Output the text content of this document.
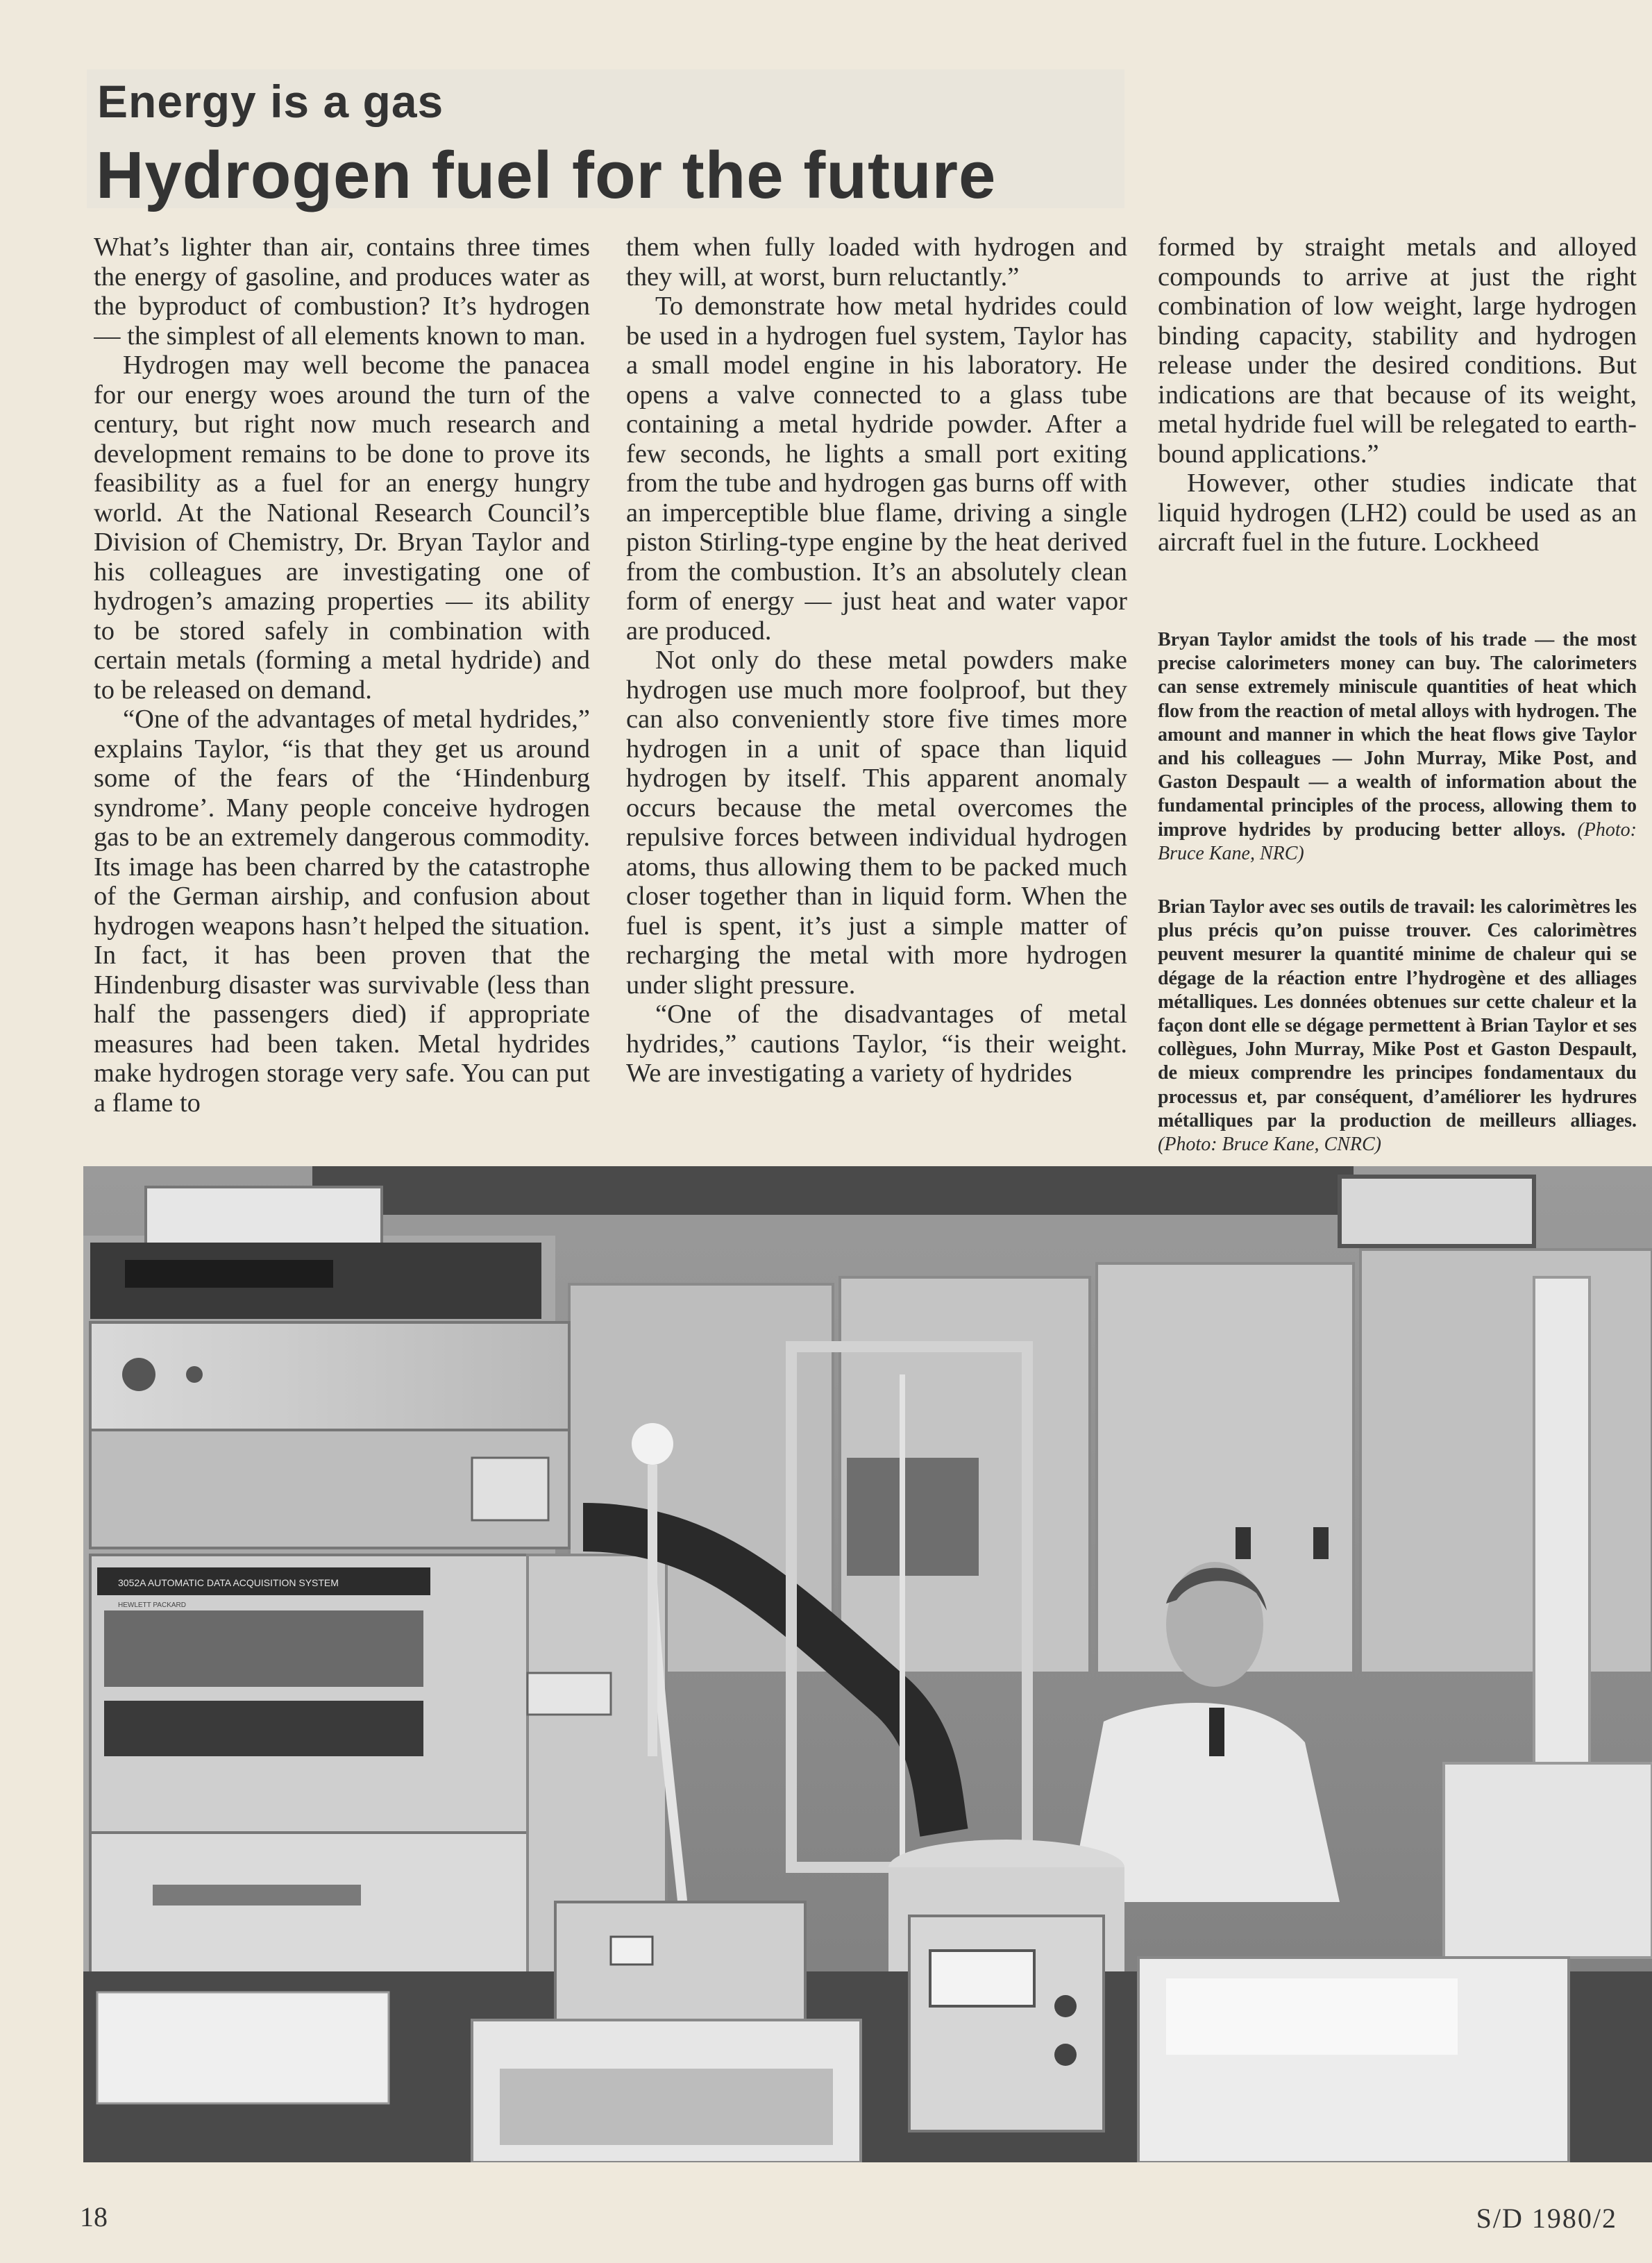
Energy is a gas
Hydrogen fuel for the future

What’s lighter than air, contains three times the energy of gasoline, and produces water as the byproduct of combustion? It’s hydrogen — the simplest of all elements known to man.

Hydrogen may well become the panacea for our energy woes around the turn of the century, but right now much research and development remains to be done to prove its feasibility as a fuel for an energy hungry world. At the National Research Council’s Division of Chemistry, Dr. Bryan Taylor and his colleagues are investigating one of hydrogen’s amazing properties — its ability to be stored safely in combination with certain metals (forming a metal hydride) and to be released on demand.

“One of the advantages of metal hydrides,” explains Taylor, “is that they get us around some of the fears of the ‘Hindenburg syndrome’. Many people conceive hydrogen gas to be an extremely dangerous commodity. Its image has been charred by the catastrophe of the German airship, and confusion about hydrogen weapons hasn’t helped the situation. In fact, it has been proven that the Hindenburg disaster was survivable (less than half the passengers died) if appropriate measures had been taken. Metal hydrides make hydrogen storage very safe. You can put a flame to

them when fully loaded with hydrogen and they will, at worst, burn reluctantly.”

To demonstrate how metal hydrides could be used in a hydrogen fuel system, Taylor has a small model engine in his laboratory. He opens a valve connected to a glass tube containing a metal hydride powder. After a few seconds, he lights a small port exiting from the tube and hydrogen gas burns off with an imperceptible blue flame, driving a single piston Stirling-type engine by the heat derived from the combustion. It’s an absolutely clean form of energy — just heat and water vapor are produced.

Not only do these metal powders make hydrogen use much more foolproof, but they can also conveniently store five times more hydrogen in a unit of space than liquid hydrogen by itself. This apparent anomaly occurs because the metal overcomes the repulsive forces between individual hydrogen atoms, thus allowing them to be packed much closer together than in liquid form. When the fuel is spent, it’s just a simple matter of recharging the metal with more hydrogen under slight pressure.

“One of the disadvantages of metal hydrides,” cautions Taylor, “is their weight. We are investigating a variety of hydrides

formed by straight metals and alloyed compounds to arrive at just the right combination of low weight, large hydrogen binding capacity, stability and hydrogen release under the desired conditions. But indications are that because of its weight, metal hydride fuel will be relegated to earth-bound applications.”

However, other studies indicate that liquid hydrogen (LH2) could be used as an aircraft fuel in the future. Lockheed

Bryan Taylor amidst the tools of his trade — the most precise calorimeters money can buy. The calorimeters can sense extremely miniscule quantities of heat which flow from the reaction of metal alloys with hydrogen. The amount and manner in which the heat flows give Taylor and his colleagues — John Murray, Mike Post, and Gaston Despault — a wealth of information about the fundamental principles of the process, allowing them to improve hydrides by producing better alloys. (Photo: Bruce Kane, NRC)

Brian Taylor avec ses outils de travail: les calorimètres les plus précis qu’on puisse trouver. Ces calorimètres peuvent mesurer la quantité minime de chaleur qui se dégage de la réaction entre l’hydrogène et des alliages métalliques. Les données obtenues sur cette chaleur et la façon dont elle se dégage permettent à Brian Taylor et ses collègues, John Murray, Mike Post et Gaston Despault, de mieux comprendre les principes fondamentaux du processus et, par conséquent, d’améliorer les hydrures métalliques par la production de meilleurs alliages. (Photo: Bruce Kane, CNRC)

3052A AUTOMATIC DATA ACQUISITION SYSTEM
HEWLETT PACKARD
18	S/D 1980/2
